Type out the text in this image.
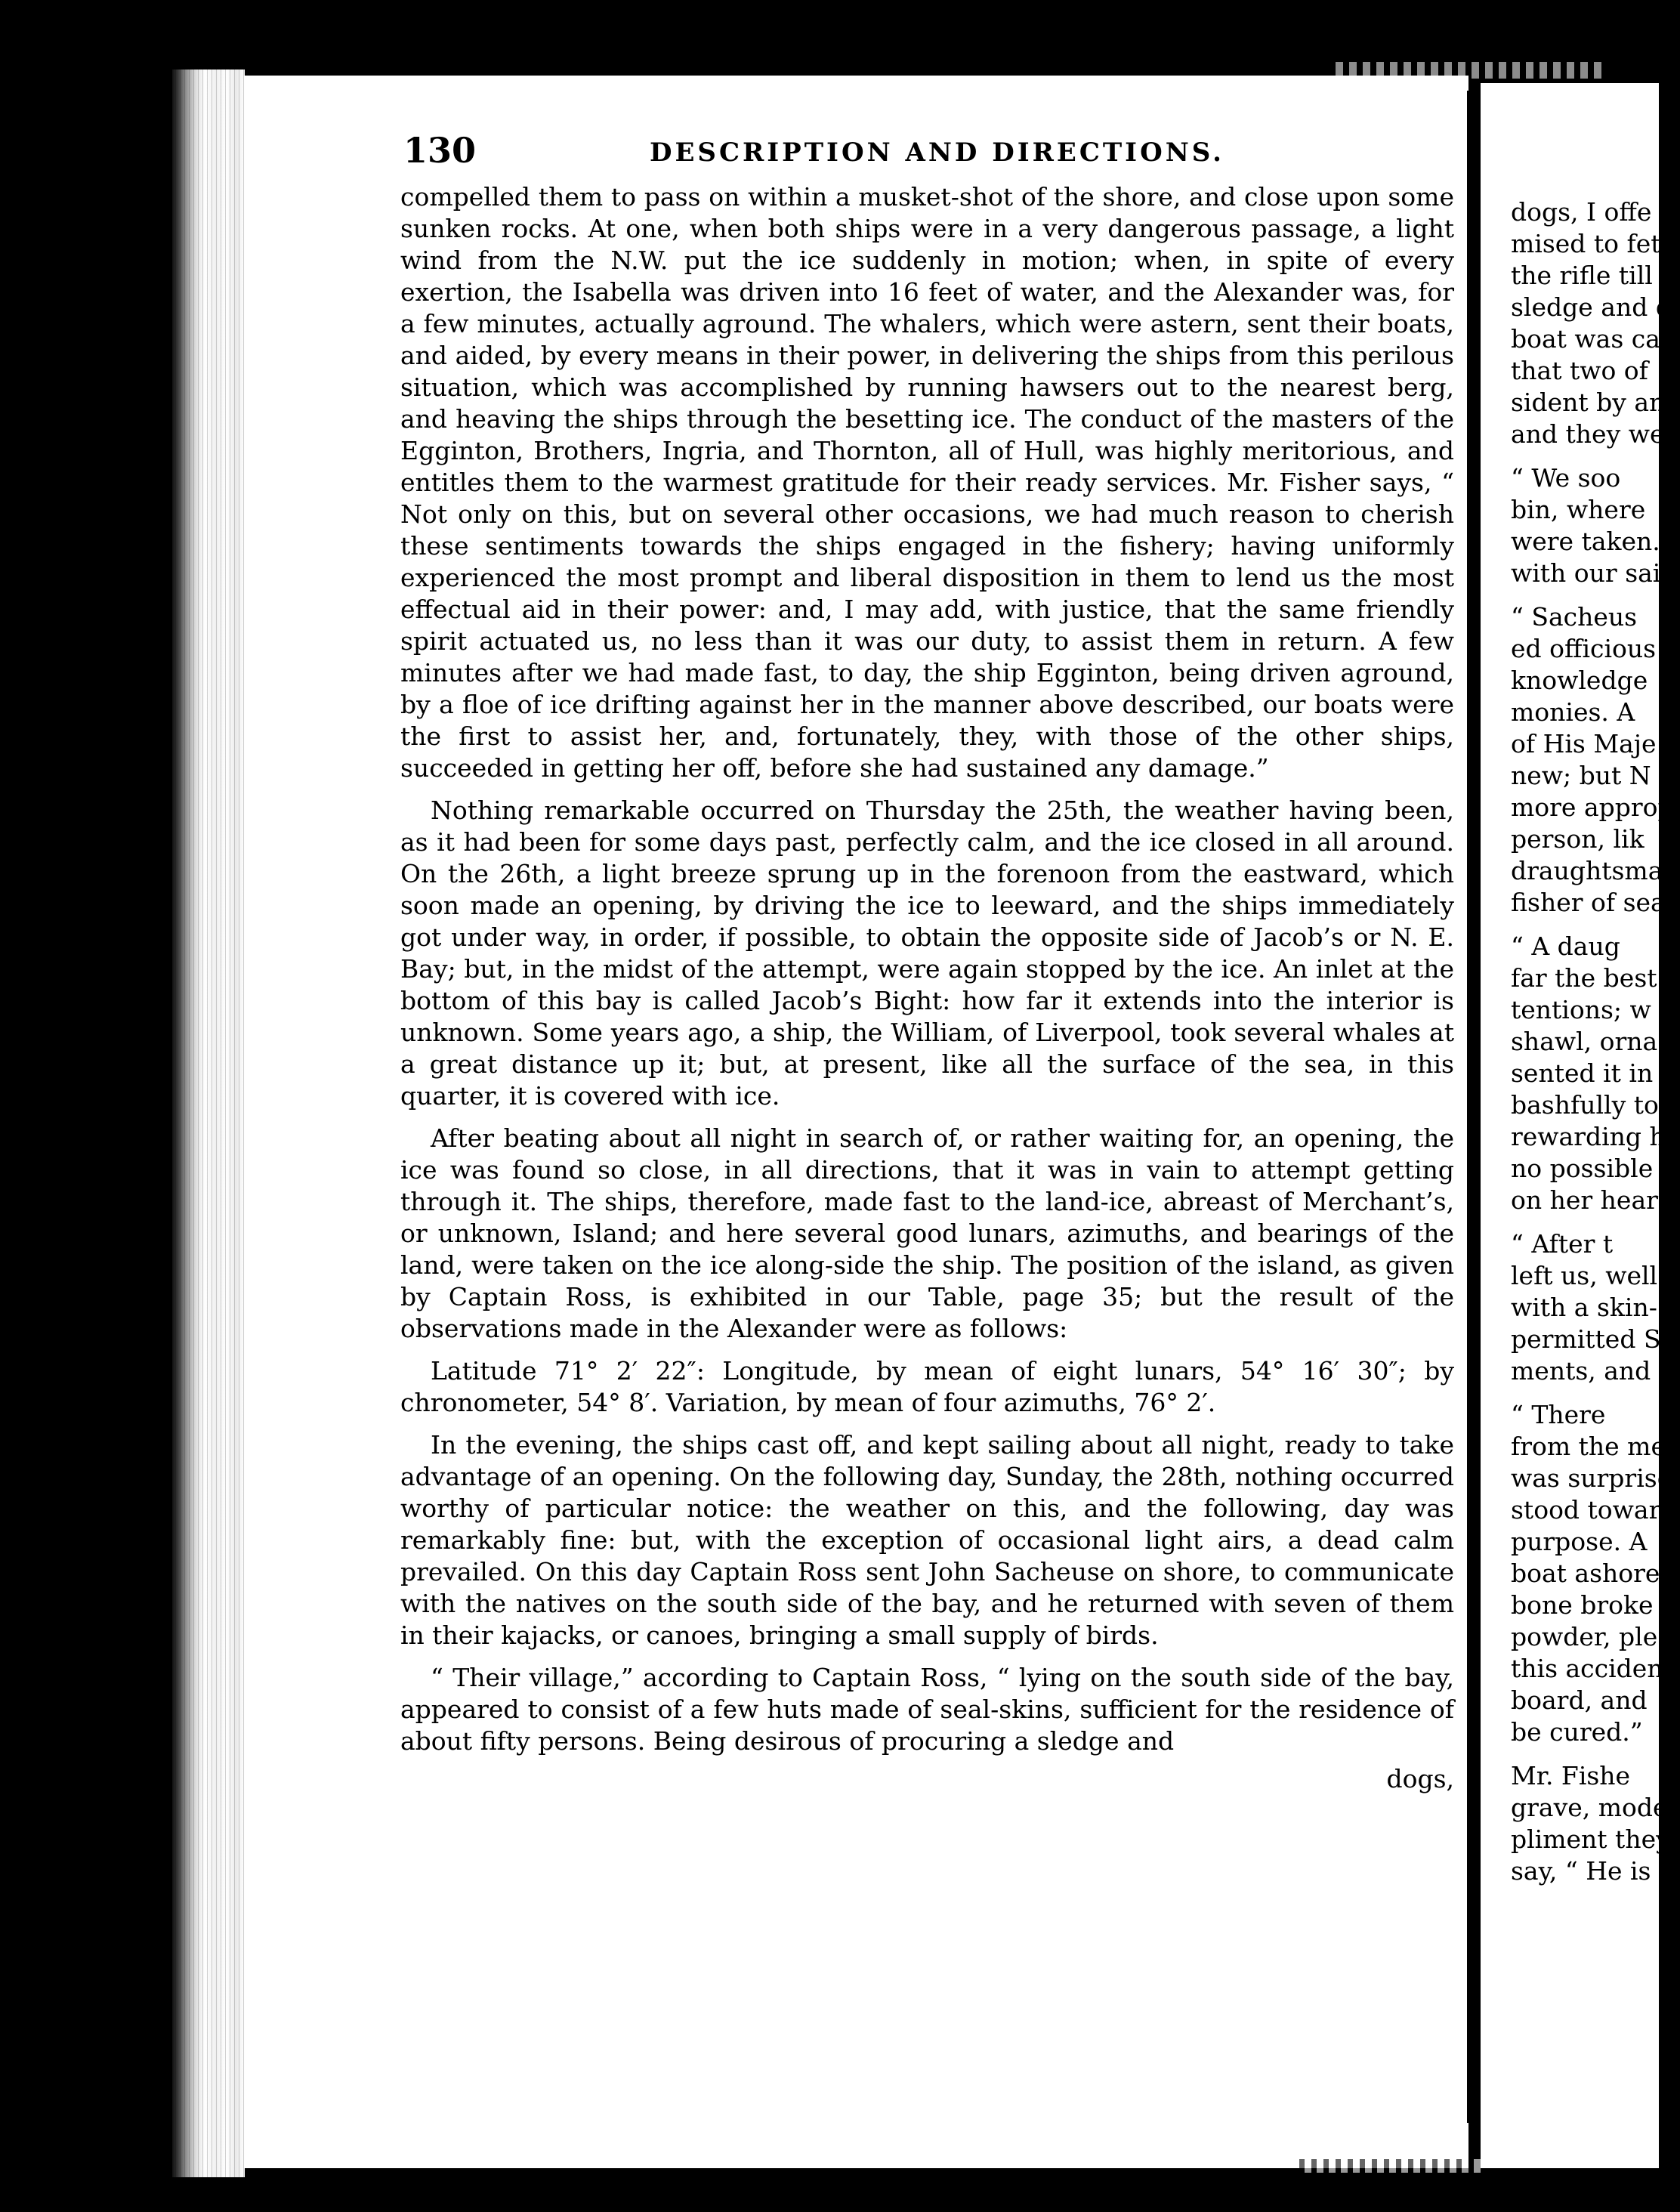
130	DESCRIPTION AND DIRECTIONS.

compelled them to pass on within a musket-shot of the shore, and close upon some sunken rocks. At one, when both ships were in a very dangerous passage, a light wind from the N.W. put the ice suddenly in motion; when, in spite of every exertion, the Isabella was driven into 16 feet of water, and the Alexander was, for a few minutes, actually aground. The whalers, which were astern, sent their boats, and aided, by every means in their power, in delivering the ships from this perilous situation, which was accomplished by running hawsers out to the nearest berg, and heaving the ships through the besetting ice. The conduct of the masters of the Egginton, Brothers, Ingria, and Thornton, all of Hull, was highly meritorious, and entitles them to the warmest gratitude for their ready services. Mr. Fisher says, “ Not only on this, but on several other occasions, we had much reason to cherish these sentiments towards the ships engaged in the fishery; having uniformly experienced the most prompt and liberal disposition in them to lend us the most effectual aid in their power: and, I may add, with justice, that the same friendly spirit actuated us, no less than it was our duty, to assist them in return. A few minutes after we had made fast, to day, the ship Egginton, being driven aground, by a floe of ice drifting against her in the manner above described, our boats were the first to assist her, and, fortunately, they, with those of the other ships, succeeded in getting her off, before she had sustained any damage.”

Nothing remarkable occurred on Thursday the 25th, the weather having been, as it had been for some days past, perfectly calm, and the ice closed in all around. On the 26th, a light breeze sprung up in the forenoon from the eastward, which soon made an opening, by driving the ice to leeward, and the ships immediately got under way, in order, if possible, to obtain the opposite side of Jacob’s or N. E. Bay; but, in the midst of the attempt, were again stopped by the ice. An inlet at the bottom of this bay is called Jacob’s Bight: how far it extends into the interior is unknown. Some years ago, a ship, the William, of Liverpool, took several whales at a great distance up it; but, at present, like all the surface of the sea, in this quarter, it is covered with ice.

After beating about all night in search of, or rather waiting for, an opening, the ice was found so close, in all directions, that it was in vain to attempt getting through it. The ships, therefore, made fast to the land-ice, abreast of Merchant’s, or unknown, Island; and here several good lunars, azimuths, and bearings of the land, were taken on the ice along-side the ship. The position of the island, as given by Captain Ross, is exhibited in our Table, page 35; but the result of the observations made in the Alexander were as follows:

Latitude 71° 2′ 22″: Longitude, by mean of eight lunars, 54° 16′ 30″; by chronometer, 54° 8′. Variation, by mean of four azimuths, 76° 2′.

In the evening, the ships cast off, and kept sailing about all night, ready to take advantage of an opening. On the following day, Sunday, the 28th, nothing occurred worthy of particular notice: the weather on this, and the following, day was remarkably fine: but, with the exception of occasional light airs, a dead calm prevailed. On this day Captain Ross sent John Sacheuse on shore, to communicate with the natives on the south side of the bay, and he returned with seven of them in their kajacks, or canoes, bringing a small supply of birds.

“ Their village,” according to Captain Ross, “ lying on the south side of the bay, appeared to consist of a few huts made of seal-skins, sufficient for the residence of about fifty persons. Being desirous of procuring a sledge and

dogs,

dogs, I offe
mised to fet
the rifle till
sledge and d
boat was ca
that two of
sident by an
and they we
“ We soo
bin, where
were taken.
with our sail
“ Sacheus
ed officious
knowledge
monies. A
of His Maje
new; but N
more approp
person, lik
draughtsman
fisher of sea
“ A daug
far the best
tentions; w
shawl, orna
sented it in
bashfully to
rewarding hi
no possible
on her heart
“ After t
left us, well
with a skin-
permitted Sa
ments, and s
“ There
from the me
was surprise
stood towar
purpose. A
boat ashore
bone broke
powder, ple
this acciden
board, and
be cured.”
Mr. Fishe
grave, mode
pliment they
say, “ He is
